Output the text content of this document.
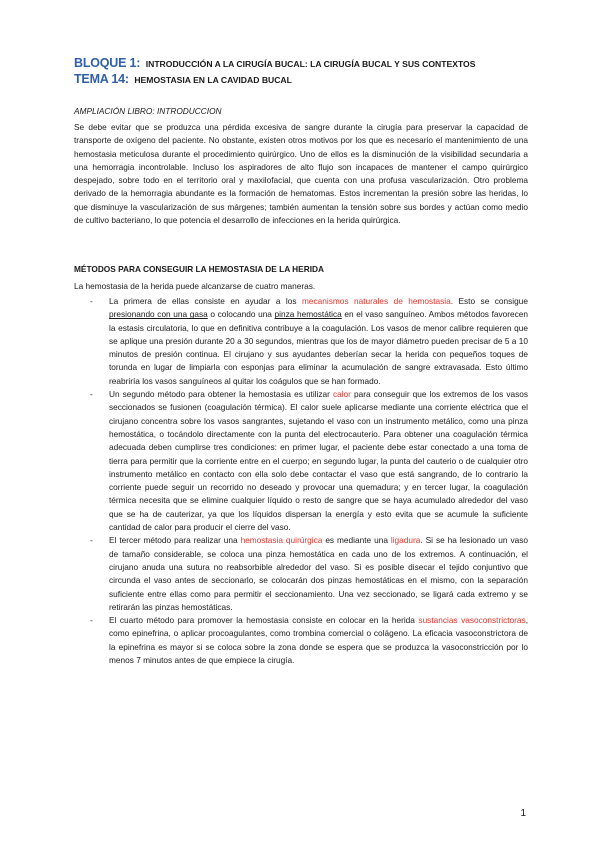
BLOQUE 1: INTRODUCCIÓN A LA CIRUGÍA BUCAL: LA CIRUGÍA BUCAL Y SUS CONTEXTOS
TEMA 14: HEMOSTASIA EN LA CAVIDAD BUCAL
AMPLIACIÓN LIBRO: INTRODUCCION

Se debe evitar que se produzca una pérdida excesiva de sangre durante la cirugía para preservar la capacidad de transporte de oxígeno del paciente. No obstante, existen otros motivos por los que es necesario el mantenimiento de una hemostasia meticulosa durante el procedimiento quirúrgico. Uno de ellos es la disminución de la visibilidad secundaria a una hemorragia incontrolable. Incluso los aspiradores de alto flujo son incapaces de mantener el campo quirúrgico despejado, sobre todo en el territorio oral y maxilofacial, que cuenta con una profusa vascularización. Otro problema derivado de la hemorragia abundante es la formación de hematomas. Estos incrementan la presión sobre las heridas, lo que disminuye la vascularización de sus márgenes; también aumentan la tensión sobre sus bordes y actúan como medio de cultivo bacteriano, lo que potencia el desarrollo de infecciones en la herida quirúrgica.

MÉTODOS PARA CONSEGUIR LA HEMOSTASIA DE LA HERIDA
La hemostasia de la herida puede alcanzarse de cuatro maneras.
- La primera de ellas consiste en ayudar a los mecanismos naturales de hemostasia. Esto se consigue presionando con una gasa o colocando una pinza hemostática en el vaso sanguíneo. Ambos métodos favorecen la estasis circulatoria, lo que en definitiva contribuye a la coagulación. Los vasos de menor calibre requieren que se aplique una presión durante 20 a 30 segundos, mientras que los de mayor diámetro pueden precisar de 5 a 10 minutos de presión continua. El cirujano y sus ayudantes deberían secar la herida con pequeños toques de torunda en lugar de limpiarla con esponjas para eliminar la acumulación de sangre extravasada. Esto último reabriría los vasos sanguíneos al quitar los coágulos que se han formado.
- Un segundo método para obtener la hemostasia es utilizar calor para conseguir que los extremos de los vasos seccionados se fusionen (coagulación térmica). El calor suele aplicarse mediante una corriente eléctrica que el cirujano concentra sobre los vasos sangrantes, sujetando el vaso con un instrumento metálico, como una pinza hemostática, o tocándolo directamente con la punta del electrocauterio. Para obtener una coagulación térmica adecuada deben cumplirse tres condiciones: en primer lugar, el paciente debe estar conectado a una toma de tierra para permitir que la corriente entre en el cuerpo; en segundo lugar, la punta del cauterio o de cualquier otro instrumento metálico en contacto con ella solo debe contactar el vaso que está sangrando, de lo contrario la corriente puede seguir un recorrido no deseado y provocar una quemadura; y en tercer lugar, la coagulación térmica necesita que se elimine cualquier líquido o resto de sangre que se haya acumulado alrededor del vaso que se ha de cauterizar, ya que los líquidos dispersan la energía y esto evita que se acumule la suficiente cantidad de calor para producir el cierre del vaso.
- El tercer método para realizar una hemostasia quirúrgica es mediante una ligadura. Si se ha lesionado un vaso de tamaño considerable, se coloca una pinza hemostática en cada uno de los extremos. A continuación, el cirujano anuda una sutura no reabsorbible alrededor del vaso. Si es posible disecar el tejido conjuntivo que circunda el vaso antes de seccionarlo, se colocarán dos pinzas hemostáticas en el mismo, con la separación suficiente entre ellas como para permitir el seccionamiento. Una vez seccionado, se ligará cada extremo y se retirarán las pinzas hemostáticas.
- El cuarto método para promover la hemostasia consiste en colocar en la herida sustancias vasoconstrictoras, como epinefrina, o aplicar procoagulantes, como trombina comercial o colágeno. La eficacia vasoconstrictora de la epinefrina es mayor si se coloca sobre la zona donde se espera que se produzca la vasoconstricción por lo menos 7 minutos antes de que empiece la cirugía.
1
